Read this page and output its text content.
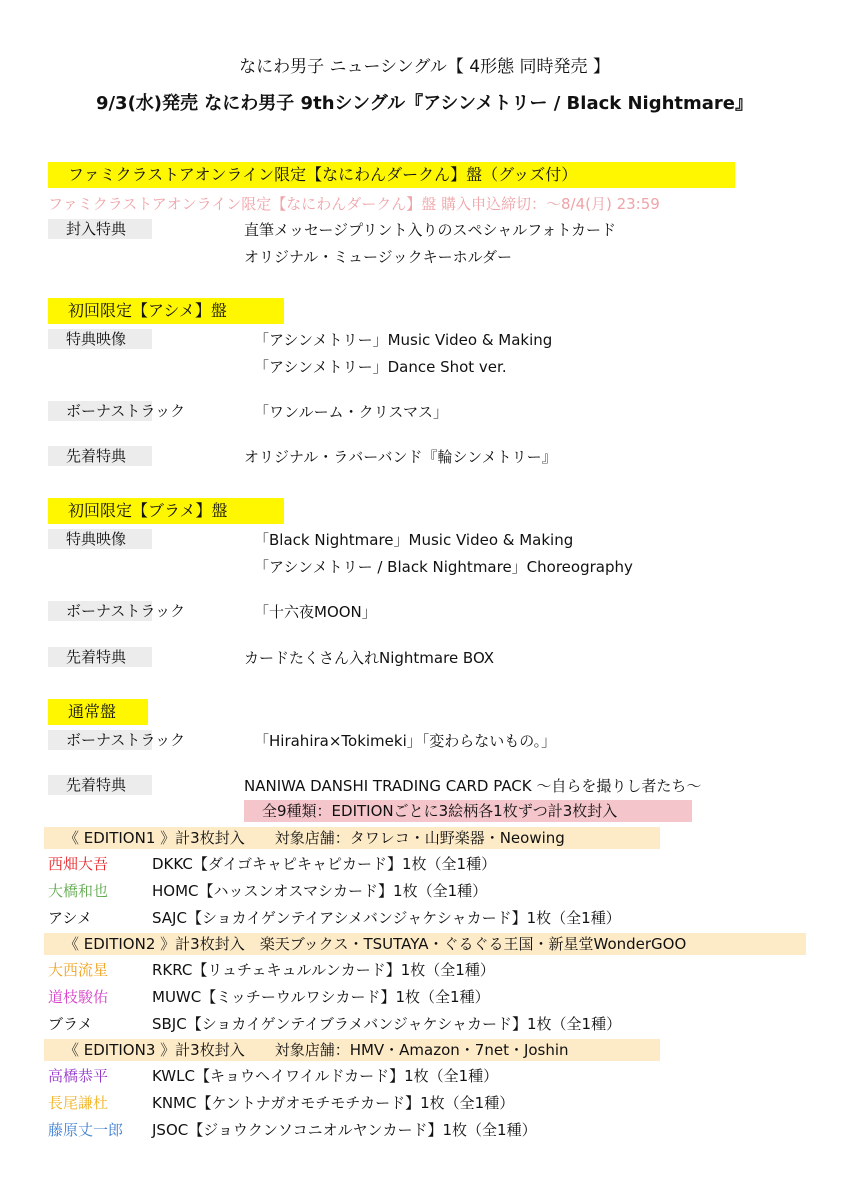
なにわ男子 ニューシングル【 4形態 同時発売 】
9/3(水)発売 なにわ男子 9thシングル『アシンメトリー / Black Nightmare』
ファミクラストアオンライン限定【なにわんダークん】盤（グッズ付）
ファミクラストアオンライン限定【なにわんダークん】盤 購入申込締切：～8/4(月) 23:59
封入特典	直筆メッセージプリント入りのスペシャルフォトカード
オリジナル・ミュージックキーホルダー
初回限定【アシメ】盤
特典映像	「アシンメトリー」Music Video & Making
「アシンメトリー」Dance Shot ver.
ボーナストラック	「ワンルーム・クリスマス」
先着特典	オリジナル・ラバーバンド『輪シンメトリー』
初回限定【ブラメ】盤
特典映像	「Black Nightmare」Music Video & Making
「アシンメトリー / Black Nightmare」Choreography
ボーナストラック	「十六夜MOON」
先着特典	カードたくさん入れNightmare BOX
通常盤
ボーナストラック	「Hirahira×Tokimeki」「変わらないもの。」
先着特典	NANIWA DANSHI TRADING CARD PACK ～自らを撮りし者たち～
全9種類：EDITIONごとに3絵柄各1枚ずつ計3枚封入
《 EDITION1 》計3枚封入　　対象店舗：タワレコ・山野楽器・Neowing
西畑大吾	DKKC【ダイゴキャピキャピカード】1枚（全1種）
大橋和也	HOMC【ハッスンオスマシカード】1枚（全1種）
アシメ	SAJC【ショカイゲンテイアシメバンジャケシャカード】1枚（全1種）
《 EDITION2 》計3枚封入　楽天ブックス・TSUTAYA・ぐるぐる王国・新星堂WonderGOO
大西流星	RKRC【リュチェキュルルンカード】1枚（全1種）
道枝駿佑	MUWC【ミッチーウルワシカード】1枚（全1種）
ブラメ	SBJC【ショカイゲンテイブラメバンジャケシャカード】1枚（全1種）
《 EDITION3 》計3枚封入　　対象店舗：HMV・Amazon・7net・Joshin
高橋恭平	KWLC【キョウヘイワイルドカード】1枚（全1種）
長尾謙杜	KNMC【ケントナガオモチモチカード】1枚（全1種）
藤原丈一郎 JSOC【ジョウクンソコニオルヤンカード】1枚（全1種）
